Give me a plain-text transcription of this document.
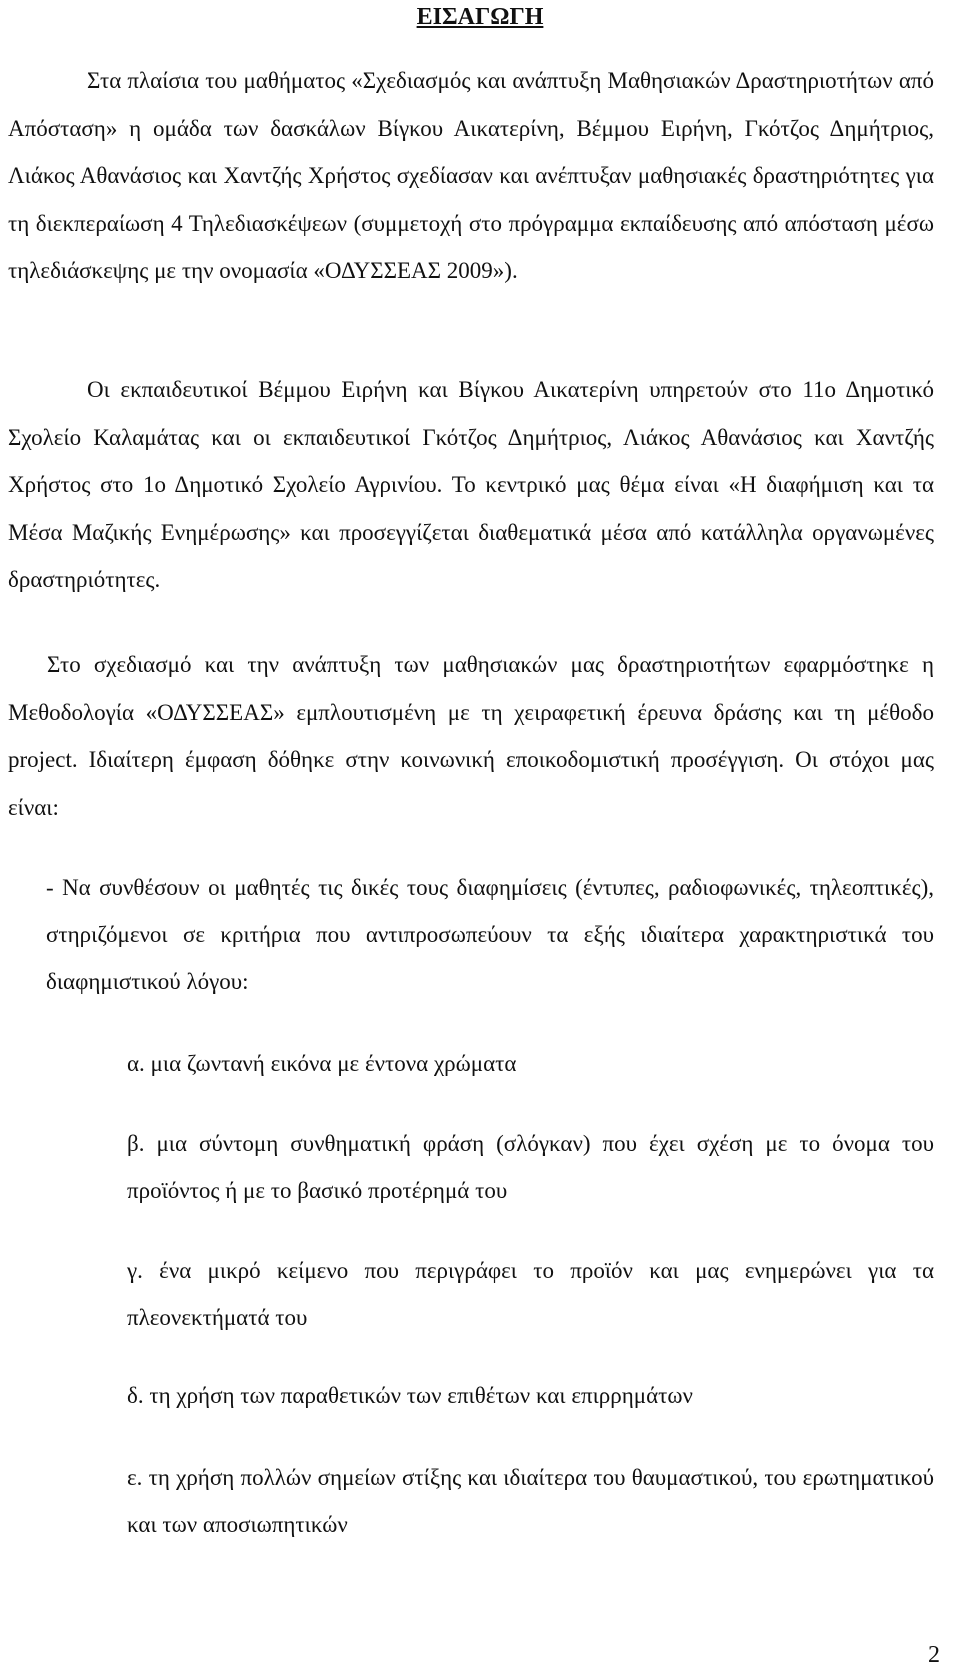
ΕΙΣΑΓΩΓΗ

Στα πλαίσια του μαθήματος «Σχεδιασμός και ανάπτυξη Μαθησιακών Δραστηριοτήτων από Απόσταση» η ομάδα των δασκάλων Βίγκου Αικατερίνη, Βέμμου Ειρήνη, Γκότζος Δημήτριος, Λιάκος Αθανάσιος και Χαντζής Χρήστος σχεδίασαν και ανέπτυξαν μαθησιακές δραστηριότητες για τη διεκπεραίωση 4 Τηλεδιασκέψεων (συμμετοχή στο πρόγραμμα εκπαίδευσης από απόσταση μέσω τηλεδιάσκεψης με την ονομασία «ΟΔΥΣΣΕΑΣ 2009»).

Οι εκπαιδευτικοί Βέμμου Ειρήνη και Βίγκου Αικατερίνη υπηρετούν στο 11ο Δημοτικό Σχολείο Καλαμάτας και οι εκπαιδευτικοί Γκότζος Δημήτριος, Λιάκος Αθανάσιος και Χαντζής Χρήστος στο 1ο Δημοτικό Σχολείο Αγρινίου. Το κεντρικό μας θέμα είναι «Η διαφήμιση και τα Μέσα Μαζικής Ενημέρωσης» και προσεγγίζεται διαθεματικά μέσα από κατάλληλα οργανωμένες δραστηριότητες.

Στο σχεδιασμό και την ανάπτυξη των μαθησιακών μας δραστηριοτήτων εφαρμόστηκε η Μεθοδολογία «ΟΔΥΣΣΕΑΣ» εμπλουτισμένη με τη χειραφετική έρευνα δράσης και τη μέθοδο project. Ιδιαίτερη έμφαση δόθηκε στην κοινωνική εποικοδομιστική προσέγγιση. Οι στόχοι μας είναι:

- Να συνθέσουν οι μαθητές τις δικές τους διαφημίσεις (έντυπες, ραδιοφωνικές, τηλεοπτικές), στηριζόμενοι σε κριτήρια που αντιπροσωπεύουν τα εξής ιδιαίτερα χαρακτηριστικά του διαφημιστικού λόγου:

α. μια ζωντανή εικόνα με έντονα χρώματα

β. μια σύντομη συνθηματική φράση (σλόγκαν) που έχει σχέση με το όνομα του προϊόντος ή με το βασικό προτέρημά του

γ. ένα μικρό κείμενο που περιγράφει το προϊόν και μας ενημερώνει για τα πλεονεκτήματά του

δ. τη χρήση των παραθετικών των επιθέτων και επιρρημάτων

ε. τη χρήση πολλών σημείων στίξης και ιδιαίτερα του θαυμαστικού, του ερωτηματικού και των αποσιωπητικών

2
